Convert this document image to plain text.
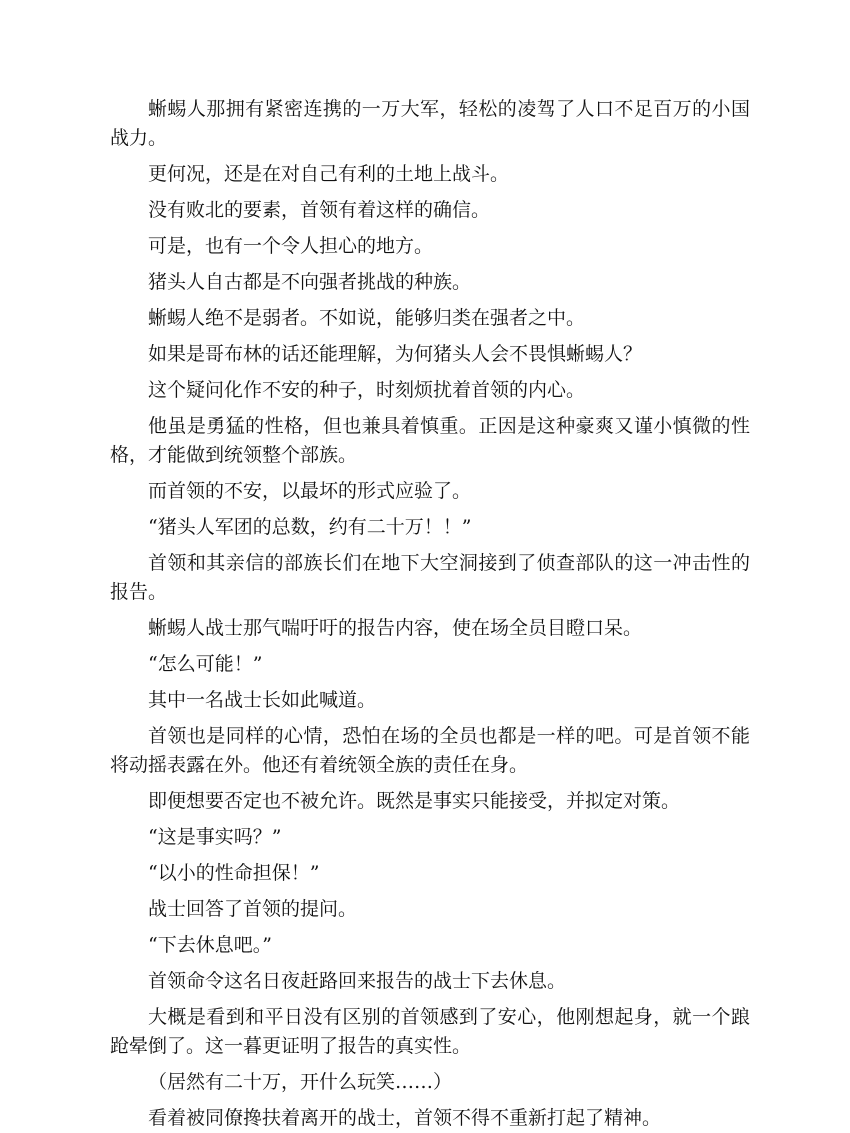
蜥蜴人那拥有紧密连携的一万大军，轻松的凌驾了人口不足百万的小国战力。

更何况，还是在对自己有利的土地上战斗。

没有败北的要素，首领有着这样的确信。

可是，也有一个令人担心的地方。

猪头人自古都是不向强者挑战的种族。

蜥蜴人绝不是弱者。不如说，能够归类在强者之中。

如果是哥布林的话还能理解，为何猪头人会不畏惧蜥蜴人？

这个疑问化作不安的种子，时刻烦扰着首领的内心。

他虽是勇猛的性格，但也兼具着慎重。正因是这种豪爽又谨小慎微的性格，才能做到统领整个部族。

而首领的不安，以最坏的形式应验了。

“猪头人军团的总数，约有二十万！！”

首领和其亲信的部族长们在地下大空洞接到了侦查部队的这一冲击性的报告。

蜥蜴人战士那气喘吁吁的报告内容，使在场全员目瞪口呆。

“怎么可能！”

其中一名战士长如此喊道。

首领也是同样的心情，恐怕在场的全员也都是一样的吧。可是首领不能将动摇表露在外。他还有着统领全族的责任在身。

即便想要否定也不被允许。既然是事实只能接受，并拟定对策。

“这是事实吗？”

“以小的性命担保！”

战士回答了首领的提问。

“下去休息吧。”

首领命令这名日夜赶路回来报告的战士下去休息。

大概是看到和平日没有区别的首领感到了安心，他刚想起身，就一个踉跄晕倒了。这一暮更证明了报告的真实性。

（居然有二十万，开什么玩笑……）

看着被同僚搀扶着离开的战士，首领不得不重新打起了精神。
